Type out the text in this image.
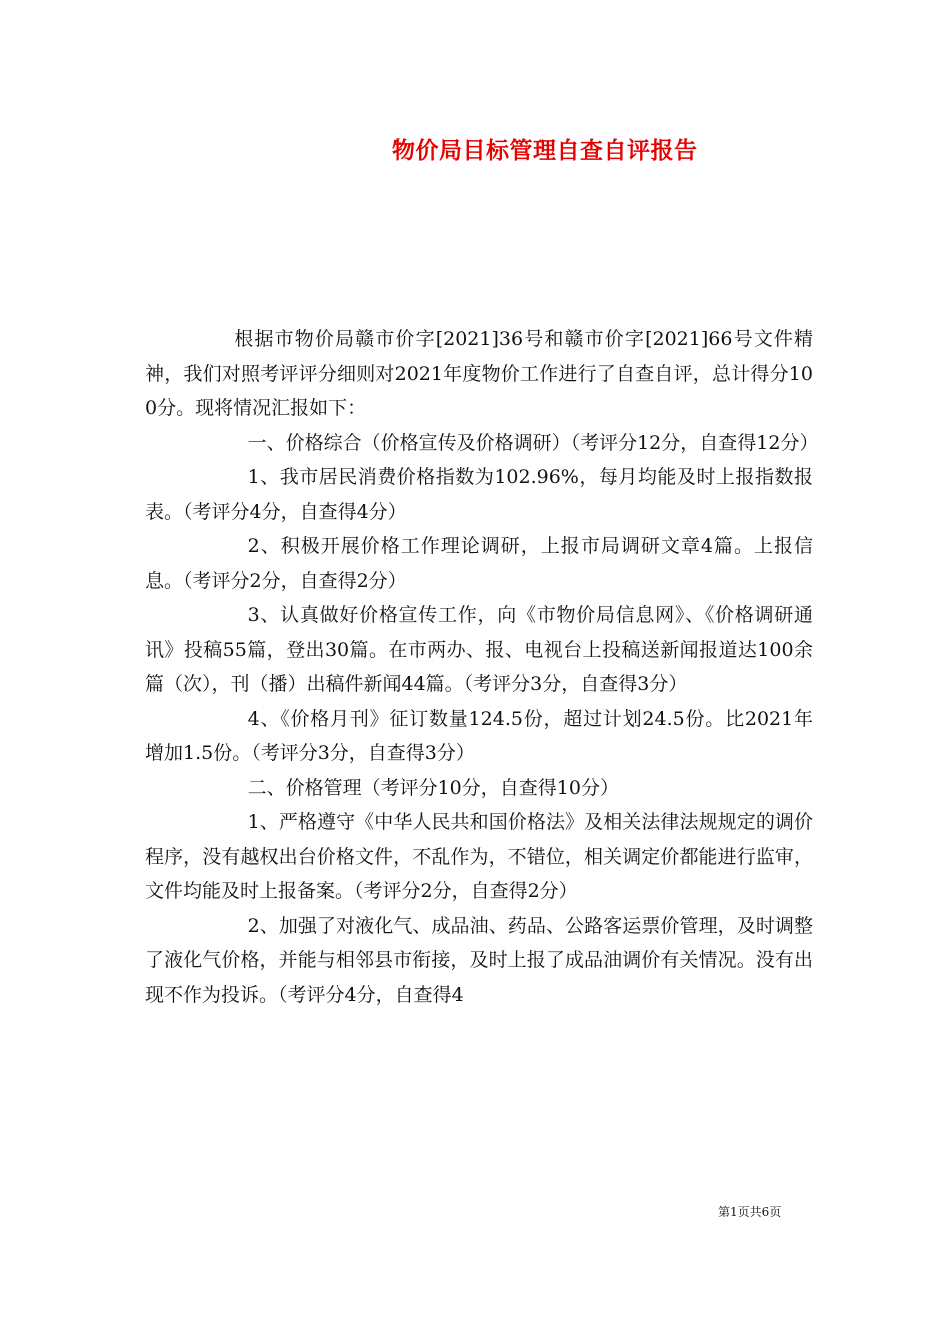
物价局目标管理自查自评报告

根据市物价局赣市价字[2021]36号和赣市价字[2021]66号文件精神，我们对照考评评分细则对2021年度物价工作进行了自查自评，总计得分100分。现将情况汇报如下：

一、价格综合（价格宣传及价格调研）（考评分12分，自查得12分）

1、我市居民消费价格指数为102.96%，每月均能及时上报指数报表。（考评分4分，自查得4分）

2、积极开展价格工作理论调研，上报市局调研文章4篇。上报信息。（考评分2分，自查得2分）

3、认真做好价格宣传工作，向《市物价局信息网》、《价格调研通讯》投稿55篇，登出30篇。在市两办、报、电视台上投稿送新闻报道达100余篇（次），刊（播）出稿件新闻44篇。（考评分3分，自查得3分）

4、《价格月刊》征订数量124.5份，超过计划24.5份。比2021年增加1.5份。（考评分3分，自查得3分）

二、价格管理（考评分10分，自查得10分）

1、严格遵守《中华人民共和国价格法》及相关法律法规规定的调价程序，没有越权出台价格文件，不乱作为，不错位，相关调定价都能进行监审，文件均能及时上报备案。（考评分2分，自查得2分）

2、加强了对液化气、成品油、药品、公路客运票价管理，及时调整了液化气价格，并能与相邻县市衔接，及时上报了成品油调价有关情况。没有出现不作为投诉。（考评分4分，自查得4

第1页共6页
